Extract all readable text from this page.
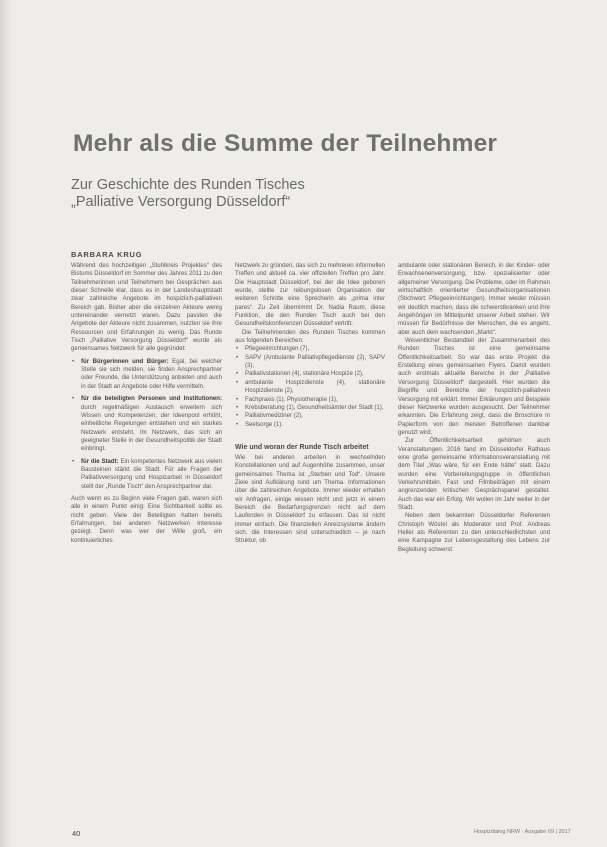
Mehr als die Summe der Teilnehmer
Zur Geschichte des Runden Tisches
„Palliative Versorgung Düsseldorf“
BARBARA KRUG

Während des hochzeitigen „Stuhlkreis Projektes“ des Bistums Düsseldorf im Sommer des Jahres 2011 zu den Teilnehmerinnen und Teilnehmern bei Gesprächen aus dieser Schnelle klar, dass es in der Landeshauptstadt zwar zahlreiche Angebote im hospizlich-palliativen Bereich gab. Bisher aber die einzelnen Akteure wenig untereinander vernetzt waren. Dazu passten die Angebote der Akteure nicht zusammen, nutzten sie ihre Ressourcen und Erfahrungen zu wenig. Das Runde Tisch „Palliative Versorgung Düsseldorf“ wurde als gemeinsames Netzwerk für alle gegründet:

• für Bürgerinnen und Bürger: Egal, bei welcher Stelle sie sich melden, sie finden Ansprechpartner oder Freunde, die Unterstützung anbieten und auch in der Stadt an Angebote oder Hilfe vermitteln.

• für die beteiligten Personen und Institutionen: durch regelmäßigen Austausch erweitern sich Wissen und Kompetenzen, der Ideenpool erhöht, einheitliche Regelungen entstehen und ein starkes Netzwerk entsteht. Im Netzwerk, das sich an geeigneter Stelle in der Gesundheitspolitik der Stadt einbringt.

• für die Stadt: Ein kompetentes Netzwerk aus vielen Bausteinen stärkt die Stadt. Für alle Fragen der Palliativversorgung und Hospizarbeit in Düsseldorf stellt der „Runde Tisch“ den Ansprechpartner dar.

Auch wenn es zu Beginn viele Fragen gab, waren sich alle in einem Punkt einig: Eine Sichtbarkeit sollte es nicht geben. Viele der Beteiligten hatten bereits Erfahrungen, bei anderen Netzwerken Interesse gezeigt. Denn was wer der Wille groß, ein kontinuierliches

Netzwerk zu gründen, das sich zu mehreren informellen Treffen und aktuell ca. vier offiziellen Treffen pro Jahr. Die Hauptstadt Düsseldorf, bei der die Idee geboren wurde, stellte zur reibungslosen Organisation der weiteren Schritte eine Sprecherin als „prima inter pares“. Zu Zeit übernimmt Dr. Nadia Raum, diese Funktion, die den Runden Tisch auch bei den Gesundheitskonferenzen Düsseldorf vertritt.

Die Teilnehmenden des Runden Tisches kommen aus folgenden Bereichen:

• Pflegeeinrichtungen (7),

• SAPV (Ambulante Palliativpflegedienste (2), SAPV (3),

• Palliativstationen (4), stationäre Hospize (2),

• ambulante Hospizdienste (4), stationäre Hospizdienste (2),

• Fachpraxis (1), Physiotherapie (1),

• Krebsberatung (1), Gesundheitsämter der Stadt (1),

• Palliativmediziner (2),

• Seelsorge (1).

Wie und woran der Runde Tisch arbeitet

Wie bei anderen arbeiten in wechselnden Konstellationen und auf Augenhöhe zusammen, unser gemeinsames Thema ist „Sterben und Tod“. Unsere Ziele sind Aufklärung rund um Thema. Informationen über die zahlreichen Angebote. Immer wieder erhalten wir Anfragen, einige wissen nicht und jetzt in einem Bereich die Bedarfungsgrenzen nicht auf dem Laufenden in Düsseldorf zu erfassen. Das ist nicht immer einfach. Die finanziellen Anreizsysteme ändern sich, die Interessen sind unterschiedlich – je nach Struktur, ob

ambulante oder stationären Bereich, in der Kinder- oder Erwachsenenversorgung, bzw. spezialisierter oder allgemeiner Versorgung. Die Probleme, oder im Rahmen wirtschaftlich orientierter Gesundheitsorganisationen (Stichwort: Pflegeeinrichtungen). Immer wieder müssen wir deutlich machen, dass die schwerstkranken und ihre Angehörigen im Mittelpunkt unserer Arbeit stehen. Wir müssen für Bedürfnisse der Menschen, die es angeht, aber auch dem wachsenden „Markt“.

Wesentlicher Bestandteil der Zusammenarbeit des Runden Tisches ist eine gemeinsame Öffentlichkeitsarbeit. So war das erste Projekt die Erstellung eines gemeinsamen Flyers. Damit wurden auch erstmals aktuelle Bereiche in der „Palliative Versorgung Düsseldorf“ dargestellt. Hier wurden die Begriffe und Bereiche der hospizlich-palliativen Versorgung mit erklärt. Immer Erklärungen und Beispiele dieser Netzwerke wurden ausgesucht. Der Teilnehmer erkannten. Die Erfahrung zeigt, dass die Broschüre in Papierform von den meisten Betroffenen dankbar genutzt wird.

Zur Öffentlichkeitsarbeit gehörten auch Veranstaltungen. 2016 fand im Düsseldorfer Rathaus eine große gemeinsame Informationsveranstaltung mit dem Titel „Was wäre, für ein Ende hätte“ statt. Dazu wurden eine Vorbereitungsgruppe in öffentlichen Verkehrsmitteln. Fast und Filmbeiträgen mit einem angrenzenden kritischen Gesprächspanel gestaltet. Auch das war ein Erfolg. Wir wollen im Jahr weiter in der Stadt.

Neben dem bekannten Düsseldorfer Referenten Christoph Wöstel als Moderator und Prof. Andreas Heller als Referenten zu den unterschiedlichsten und eine Kampagne zur Lebensgestaltung des Lebens zur Begleitung schwerst

40	Hospizdialog NRW · Ausgabe 69 | 2017
